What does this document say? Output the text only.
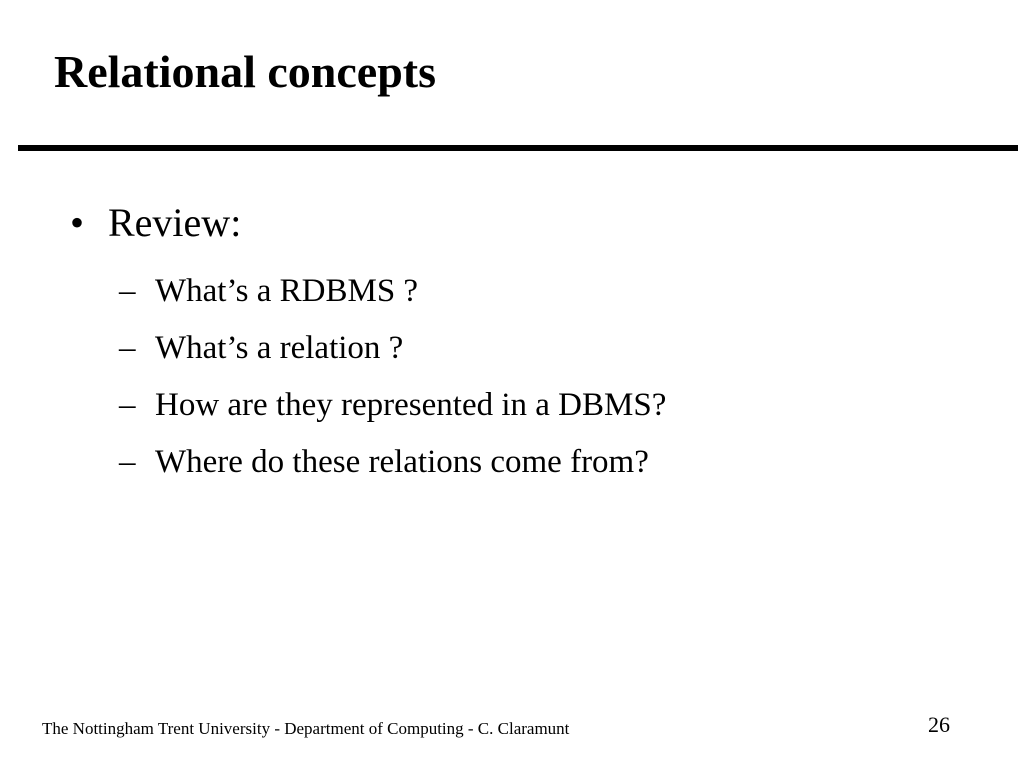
Relational concepts
• Review:
– What’s a RDBMS ?
– What’s a relation ?
– How are they represented in a DBMS?
– Where do these relations come from?
The Nottingham Trent University - Department of Computing - C. Claramunt	26
